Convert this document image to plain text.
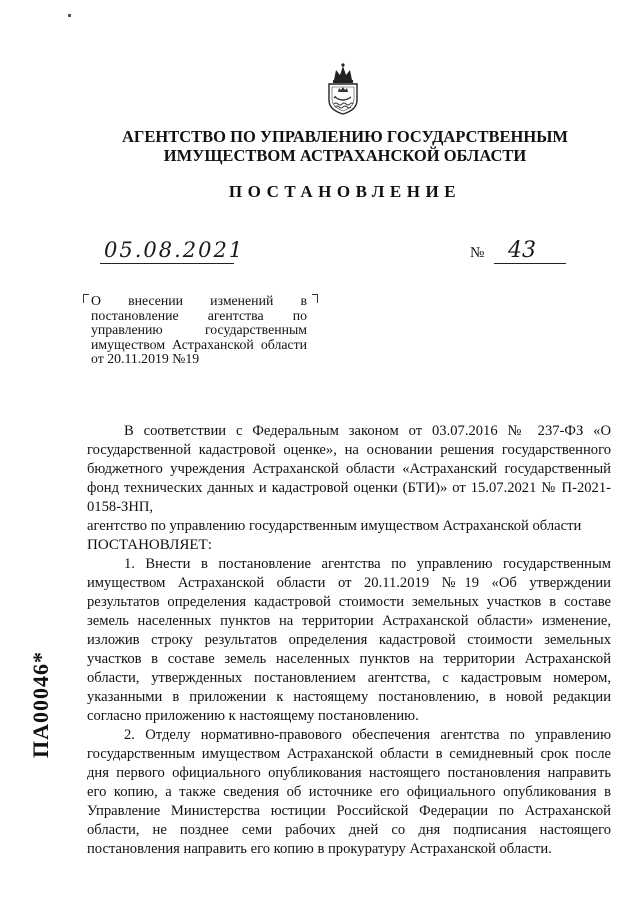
АГЕНТСТВО ПО УПРАВЛЕНИЮ ГОСУДАРСТВЕННЫМ
ИМУЩЕСТВОМ АСТРАХАНСКОЙ ОБЛАСТИ
ПОСТАНОВЛЕНИЕ
05.08.2021	№ 43

О внесении изменений в постановление агентства по управлению государственным имуществом Астраханской области от 20.11.2019 №19

В соответствии с Федеральным законом от 03.07.2016 № 237-ФЗ «О государственной кадастровой оценке», на основании решения государственного бюджетного учреждения Астраханской области «Астраханский государственный фонд технических данных и кадастровой оценки (БТИ)» от 15.07.2021 № П-2021-0158-ЗНП,

агентство по управлению государственным имуществом Астраханской области

ПОСТАНОВЛЯЕТ:

1. Внести в постановление агентства по управлению государственным имуществом Астраханской области от 20.11.2019 №19 «Об утверждении результатов определения кадастровой стоимости земельных участков в составе земель населенных пунктов на территории Астраханской области» изменение, изложив строку результатов определения кадастровой стоимости земельных участков в составе земель населенных пунктов на территории Астраханской области, утвержденных постановлением агентства, с кадастровым номером, указанными в приложении к настоящему постановлению, в новой редакции согласно приложению к настоящему постановлению.

2. Отделу нормативно-правового обеспечения агентства по управлению государственным имуществом Астраханской области в семидневный срок после дня первого официального опубликования настоящего постановления направить его копию, а также сведения об источнике его официального опубликования в Управление Министерства юстиции Российской Федерации по Астраханской области, не позднее семи рабочих дней со дня подписания настоящего постановления направить его копию в прокуратуру Астраханской области.

ПА00046*
